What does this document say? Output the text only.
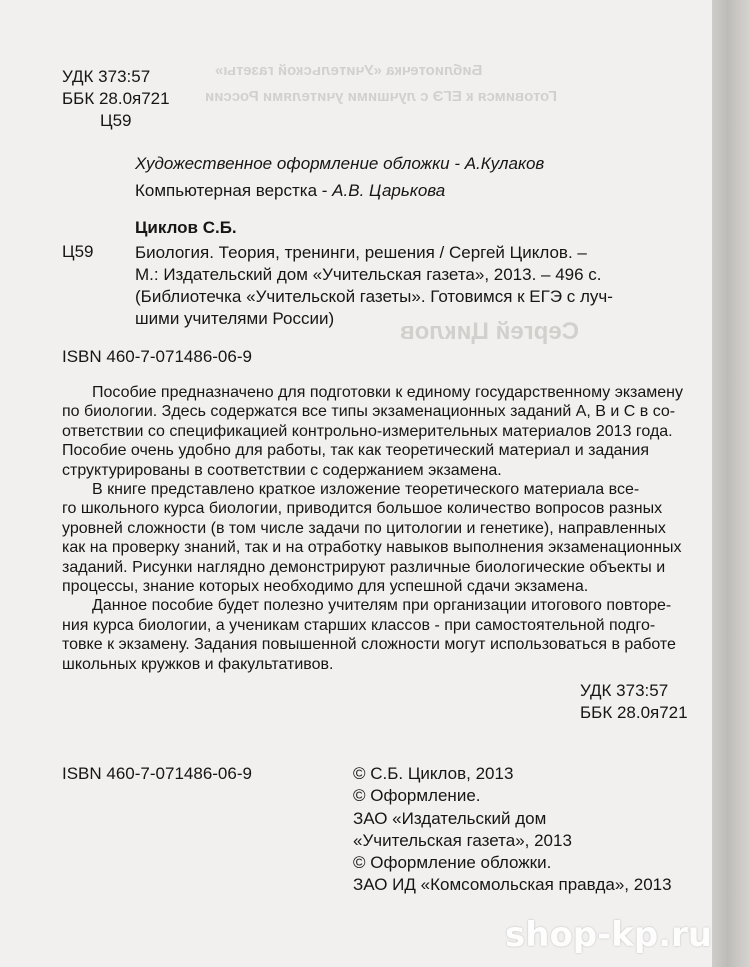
Библиотечка «Учительской газеты»
Готовимся к ЕГЭ с лучшими учителями России
Сергей Циклов
УДК 373:57
ББК 28.0я721
Ц59
Художественное оформление обложки - А.Кулаков
Компьютерная верстка - А.В. Царькова
Циклов С.Б.
Ц59 Биология. Теория, тренинги, решения / Сергей Циклов. –
М.: Издательский дом «Учительская газета», 2013. – 496 с.
(Библиотечка «Учительской газеты». Готовимся к ЕГЭ с луч-
шими учителями России)
ISBN 460-7-071486-06-9
Пособие предназначено для подготовки к единому государственному экзамену
по биологии. Здесь содержатся все типы экзаменационных заданий А, В и С в со-
ответствии со спецификацией контрольно-измерительных материалов 2013 года.
Пособие очень удобно для работы, так как теоретический материал и задания
структурированы в соответствии с содержанием экзамена.
В книге представлено краткое изложение теоретического материала все-
го школьного курса биологии, приводится большое количество вопросов разных
уровней сложности (в том числе задачи по цитологии и генетике), направленных
как на проверку знаний, так и на отработку навыков выполнения экзаменационных
заданий. Рисунки наглядно демонстрируют различные биологические объекты и
процессы, знание которых необходимо для успешной сдачи экзамена.
Данное пособие будет полезно учителям при организации итогового повторе-
ния курса биологии, а ученикам старших классов - при самостоятельной подго-
товке к экзамену. Задания повышенной сложности могут использоваться в работе
школьных кружков и факультативов.
УДК 373:57
ББК 28.0я721
ISBN 460-7-071486-06-9	© С.Б. Циклов, 2013
© Оформление.
ЗАО «Издательский дом
«Учительская газета», 2013
© Оформление обложки.
ЗАО ИД «Комсомольская правда», 2013
shop-kp.ru
